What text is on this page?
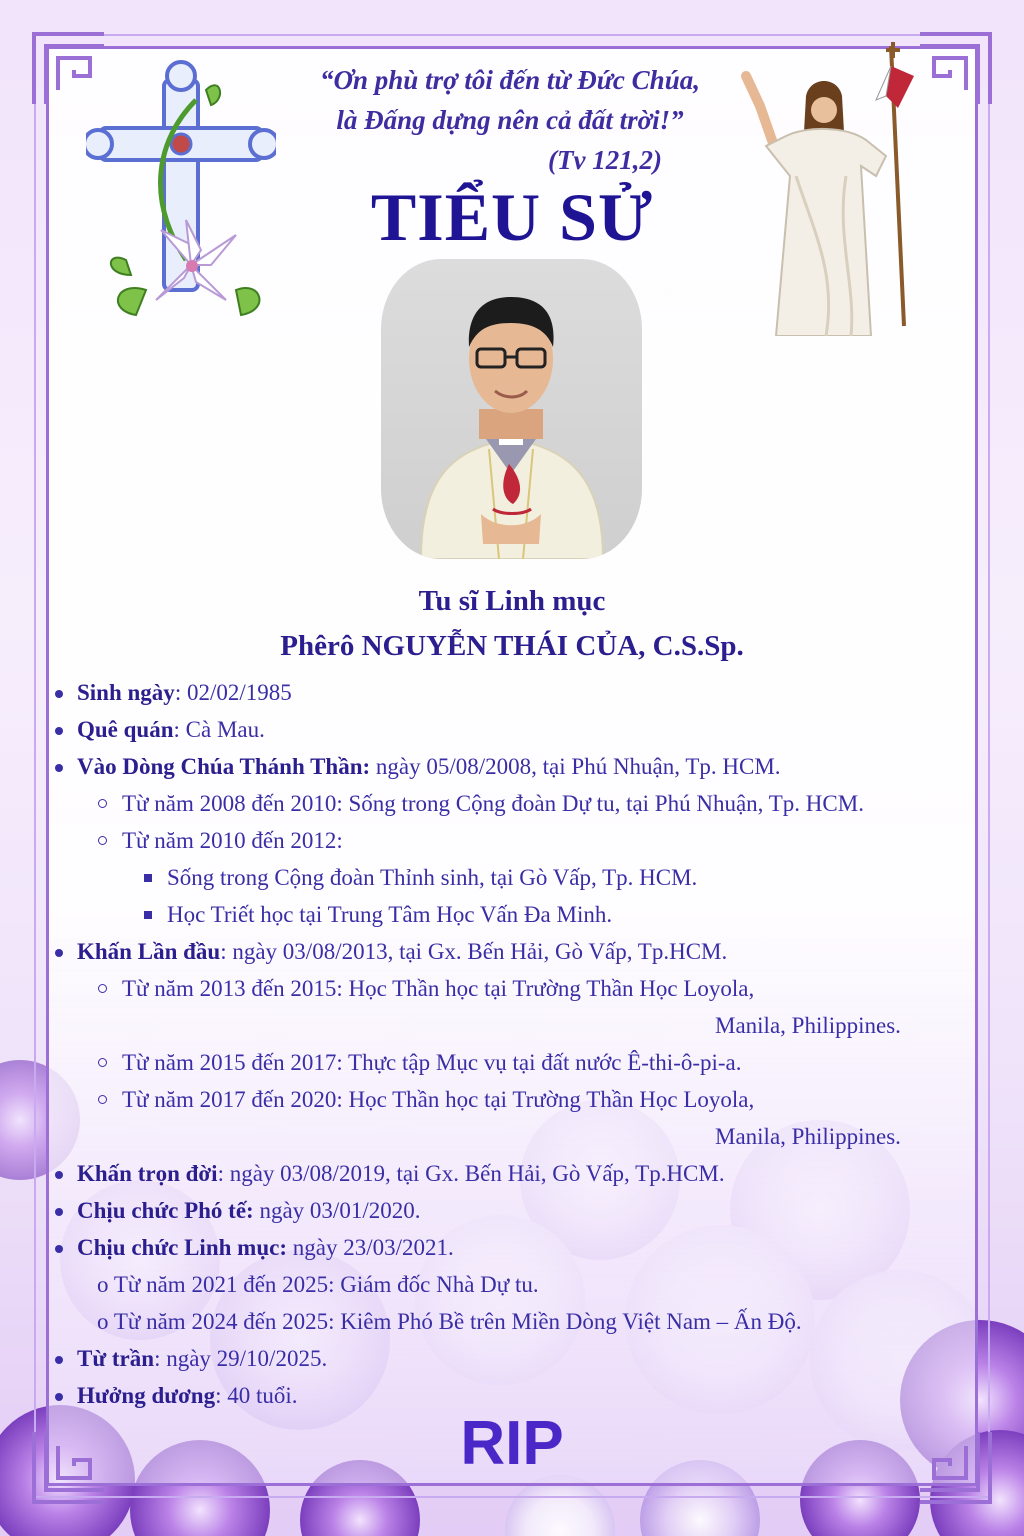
“Ơn phù trợ tôi đến từ Đức Chúa,
là Đấng dựng nên cả đất trời!”
(Tv 121,2)
TIỂU SỬ
Tu sĩ Linh mục
Phêrô NGUYỄN THÁI CỦA, C.S.Sp.
Sinh ngày: 02/02/1985
Quê quán: Cà Mau.
Vào Dòng Chúa Thánh Thần: ngày 05/08/2008, tại Phú Nhuận, Tp. HCM.
Từ năm 2008 đến 2010: Sống trong Cộng đoàn Dự tu, tại Phú Nhuận, Tp. HCM.
Từ năm 2010 đến 2012:
Sống trong Cộng đoàn Thỉnh sinh, tại Gò Vấp, Tp. HCM.
Học Triết học tại Trung Tâm Học Vấn Đa Minh.
Khấn Lần đầu: ngày 03/08/2013, tại Gx. Bến Hải, Gò Vấp, Tp.HCM.
Từ năm 2013 đến 2015: Học Thần học tại Trường Thần Học Loyola,
Manila, Philippines.
Từ năm 2015 đến 2017: Thực tập Mục vụ tại đất nước Ê-thi-ô-pi-a.
Từ năm 2017 đến 2020: Học Thần học tại Trường Thần Học Loyola,
Manila, Philippines.
Khấn trọn đời: ngày 03/08/2019, tại Gx. Bến Hải, Gò Vấp, Tp.HCM.
Chịu chức Phó tế: ngày 03/01/2020.
Chịu chức Linh mục: ngày 23/03/2021.
o Từ năm 2021 đến 2025: Giám đốc Nhà Dự tu.
o Từ năm 2024 đến 2025: Kiêm Phó Bề trên Miền Dòng Việt Nam – Ấn Độ.
Từ trần: ngày 29/10/2025.
Hưởng dương: 40 tuổi.
RIP
